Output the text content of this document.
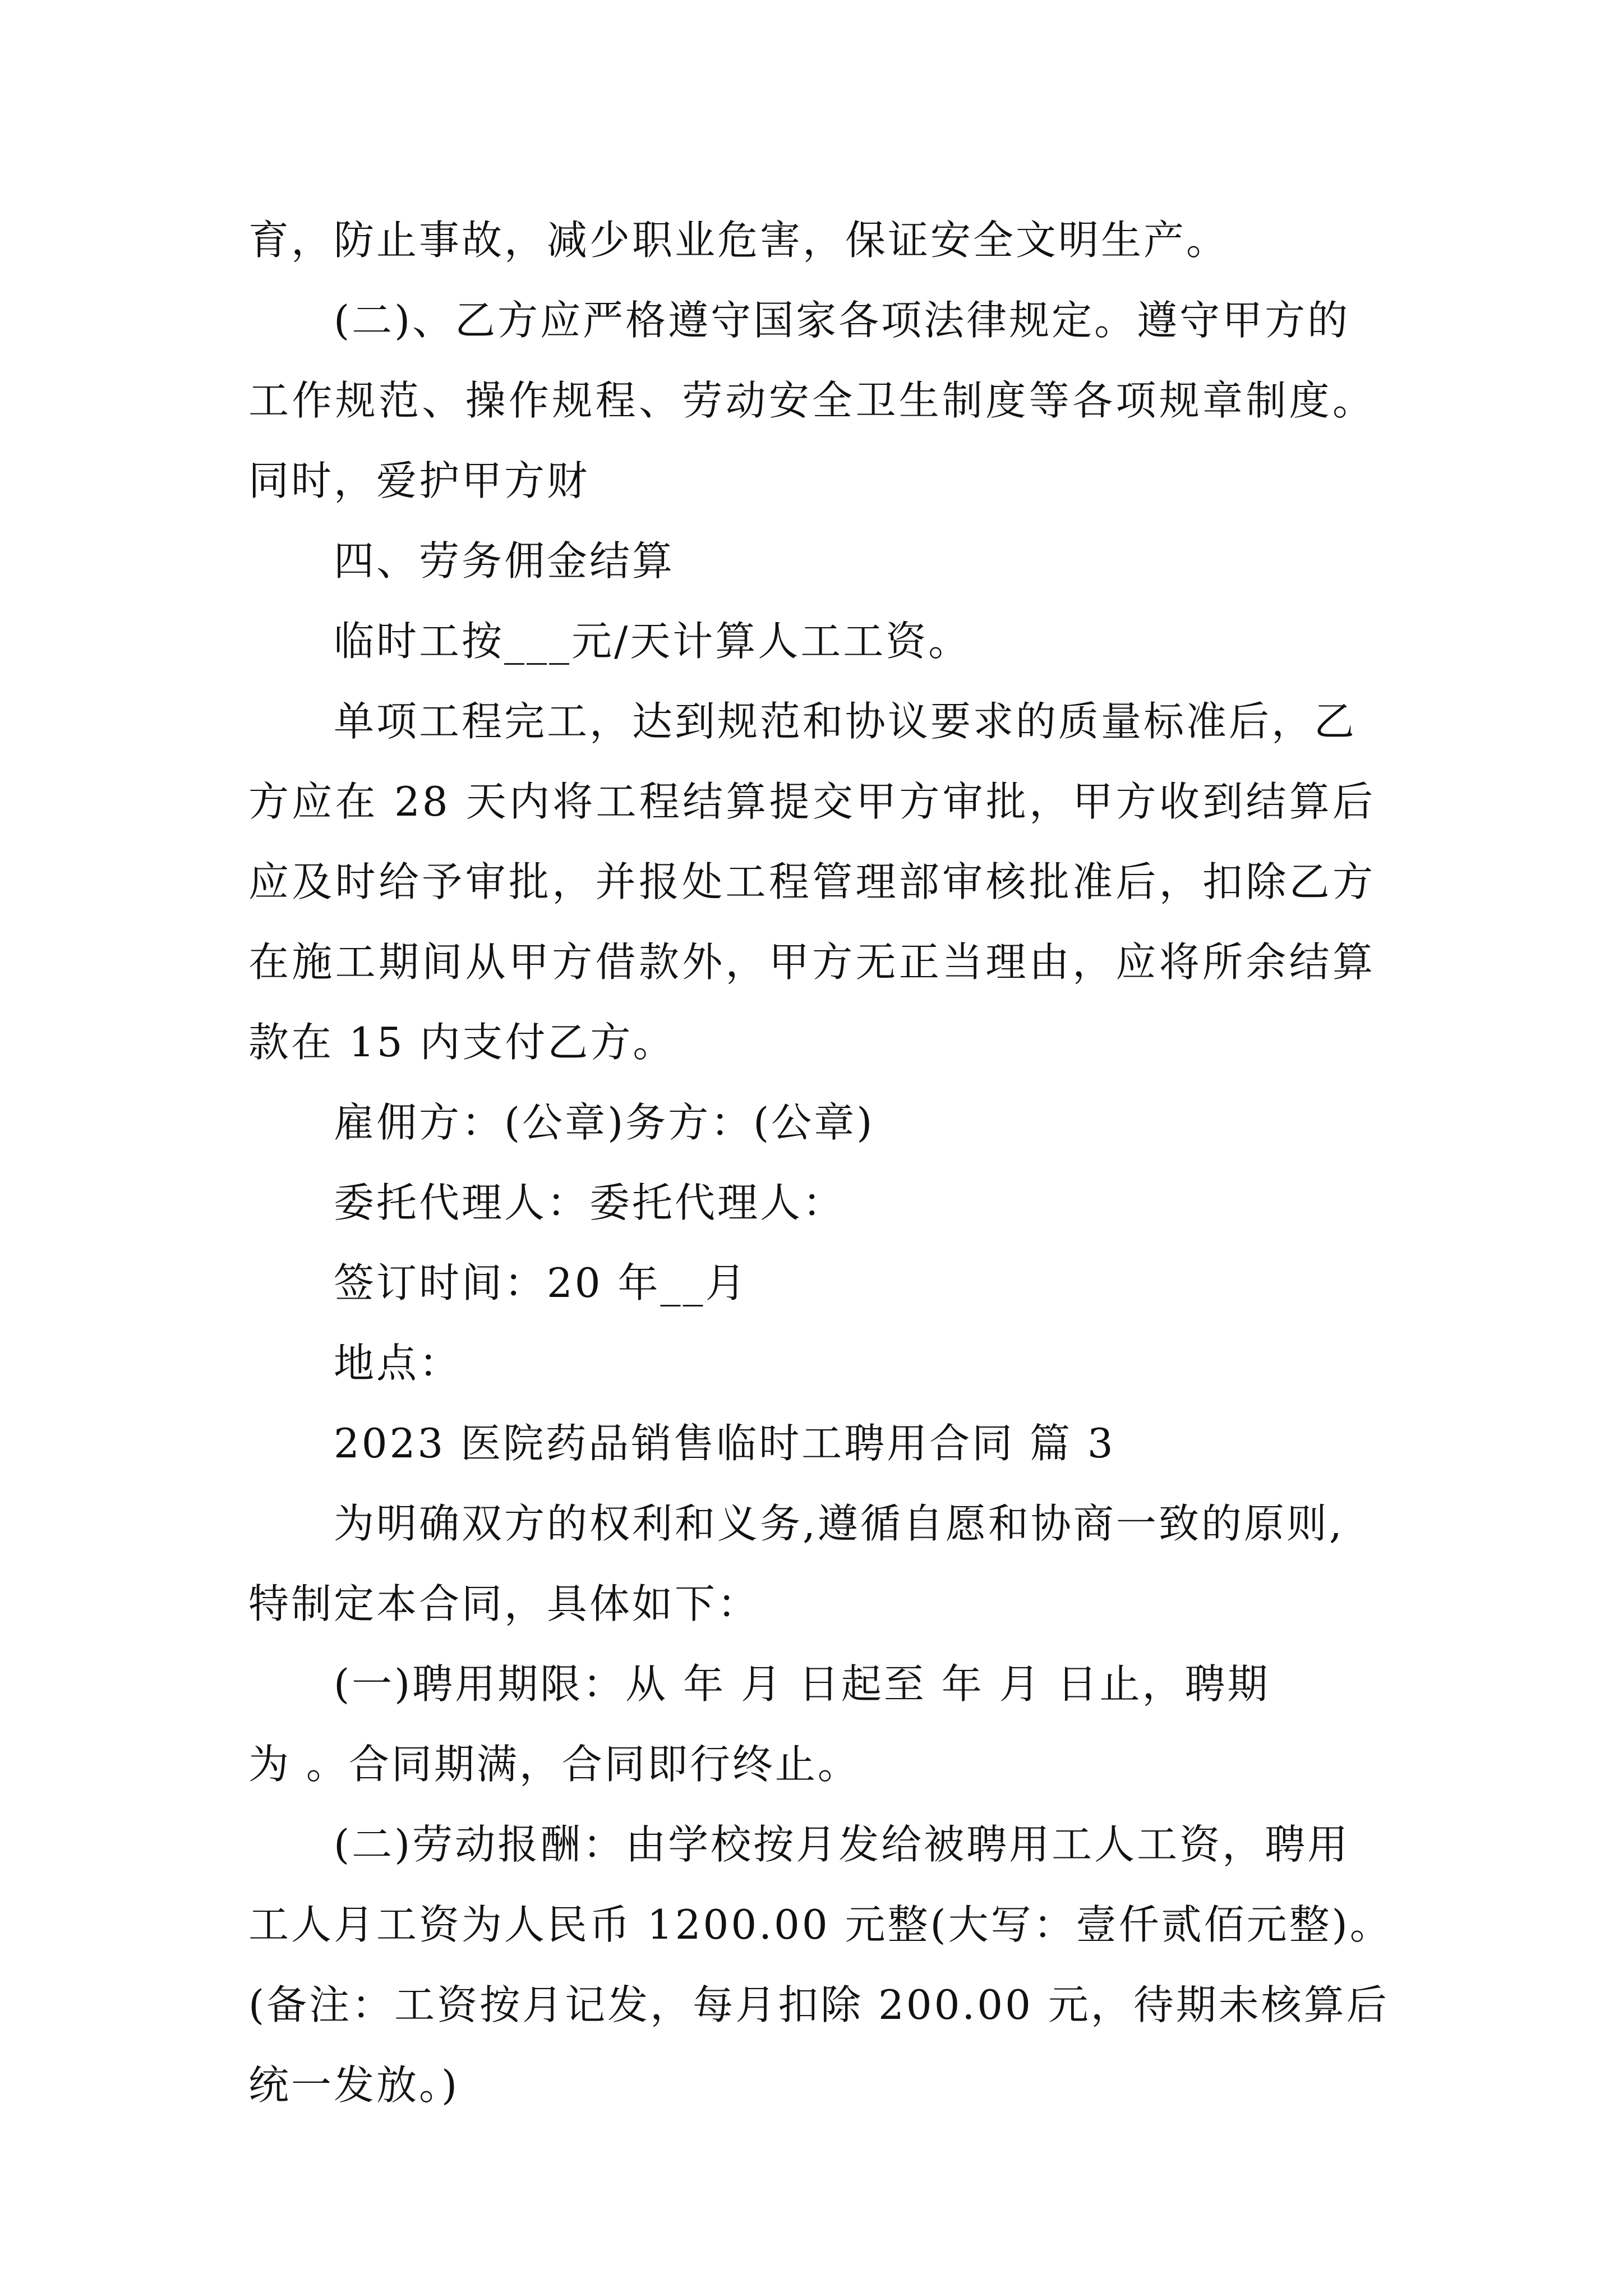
育，防止事故，减少职业危害，保证安全文明生产。
(二)、乙方应严格遵守国家各项法律规定。遵守甲方的
工作规范、操作规程、劳动安全卫生制度等各项规章制度。
同时，爱护甲方财
四、劳务佣金结算
临时工按___元/天计算人工工资。
单项工程完工，达到规范和协议要求的质量标准后，乙
方应在 28 天内将工程结算提交甲方审批，甲方收到结算后
应及时给予审批，并报处工程管理部审核批准后，扣除乙方
在施工期间从甲方借款外，甲方无正当理由，应将所余结算
款在 15 内支付乙方。
雇佣方：(公章)务方：(公章)
委托代理人：委托代理人：
签订时间：20 年__月
地点：
2023 医院药品销售临时工聘用合同 篇 3
为明确双方的权利和义务,遵循自愿和协商一致的原则,
特制定本合同，具体如下：
(一)聘用期限：从 年 月 日起至 年 月 日止，聘期
为 。合同期满，合同即行终止。
(二)劳动报酬：由学校按月发给被聘用工人工资，聘用
工人月工资为人民币 1200.00 元整(大写：壹仟贰佰元整)。
(备注：工资按月记发，每月扣除 200.00 元，待期未核算后
统一发放。)
